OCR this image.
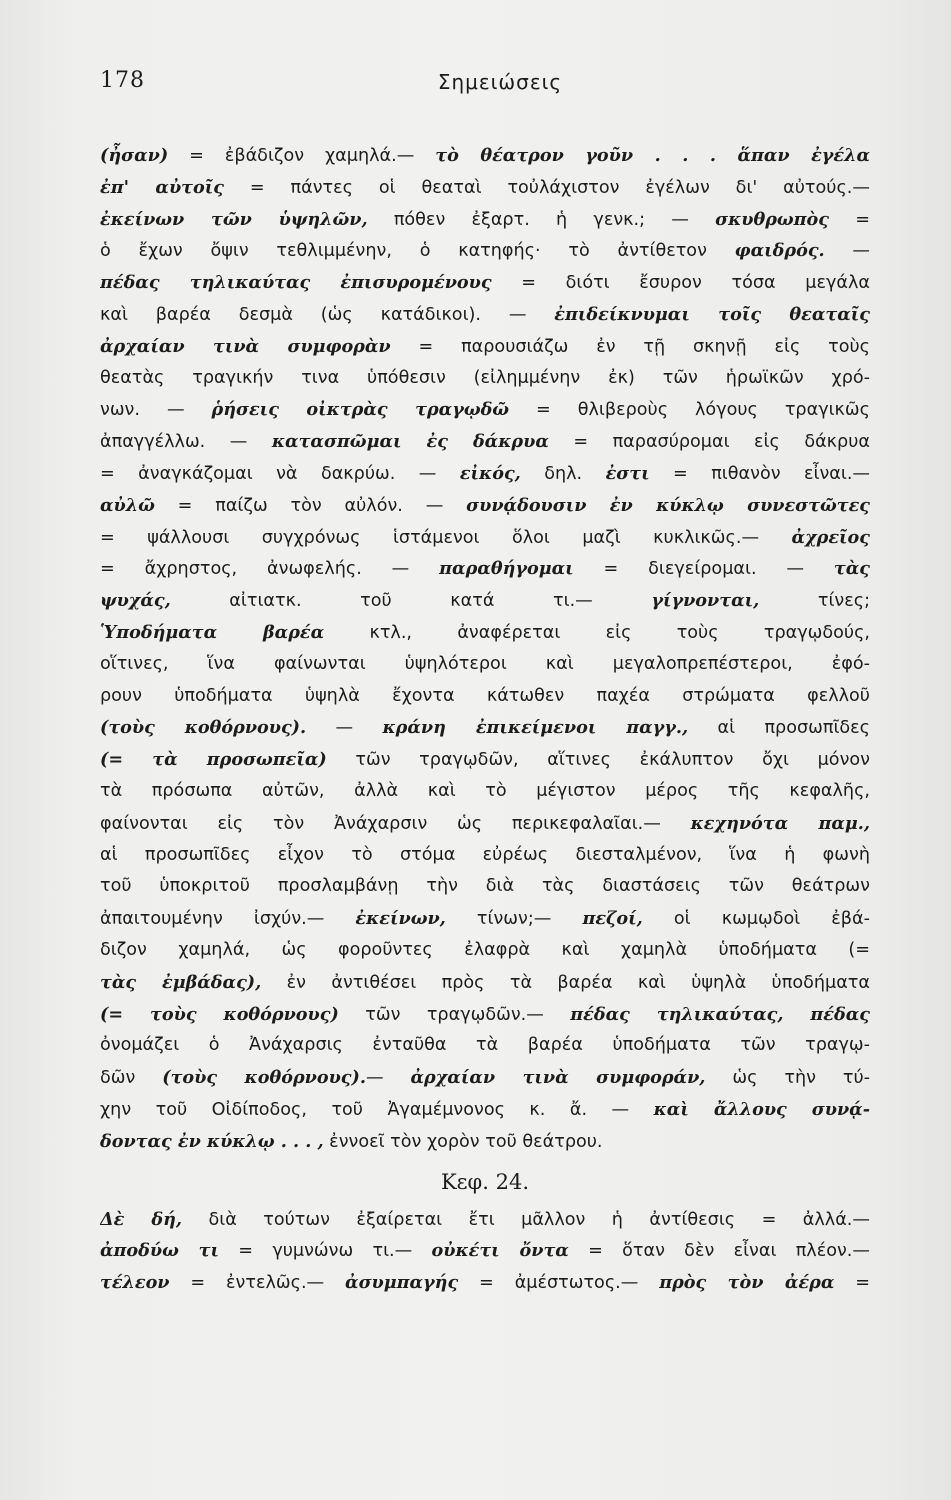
178	Σημειώσεις
(ἦσαν) = ἐβάδιζον χαμηλά.— τὸ θέατρον γοῦν . . . ἅπαν ἐγέλα
ἐπ' αὐτοῖς = πάντες οἱ θεαταὶ τοὐλάχιστον ἐγέλων δι' αὐτούς.—
ἐκείνων τῶν ὑψηλῶν, πόθεν ἐξαρτ. ἡ γενκ.; — σκυθρωπὸς =
ὁ ἔχων ὄψιν τεθλιμμένην, ὁ κατηφής· τὸ ἀντίθετον φαιδρός. —
πέδας τηλικαύτας ἐπισυρομένους = διότι ἔσυρον τόσα μεγάλα
καὶ βαρέα δεσμὰ (ὡς κατάδικοι). — ἐπιδείκνυμαι τοῖς θεαταῖς
ἀρχαίαν τινὰ συμφορὰν = παρουσιάζω ἐν τῇ σκηνῇ εἰς τοὺς
θεατὰς τραγικήν τινα ὑπόθεσιν (εἰλημμένην ἐκ) τῶν ἡρωϊκῶν χρό-
νων. — ῥήσεις οἰκτρὰς τραγῳδῶ = θλιβεροὺς λόγους τραγικῶς
ἀπαγγέλλω. — κατασπῶμαι ἐς δάκρυα = παρασύρομαι εἰς δάκρυα
= ἀναγκάζομαι νὰ δακρύω. — εἰκός, δηλ. ἐστι = πιθανὸν εἶναι.—
αὐλῶ = παίζω τὸν αὐλόν. — συνᾴδουσιν ἐν κύκλῳ συνεστῶτες
= ψάλλουσι συγχρόνως ἱστάμενοι ὅλοι μαζὶ κυκλικῶς.— ἀχρεῖος
= ἄχρηστος, ἀνωφελής. — παραθήγομαι = διεγείρομαι. — τὰς
ψυχάς, αἰτιατκ. τοῦ κατά τι.— γίγνονται, τίνες;
Ὑποδήματα βαρέα κτλ., ἀναφέρεται εἰς τοὺς τραγῳδούς,
οἵτινες, ἵνα φαίνωνται ὑψηλότεροι καὶ μεγαλοπρεπέστεροι, ἐφό-
ρουν ὑποδήματα ὑψηλὰ ἔχοντα κάτωθεν παχέα στρώματα φελλοῦ
(τοὺς κοθόρνους). — κράνη ἐπικείμενοι παγγ., αἱ προσωπῖδες
(= τὰ προσωπεῖα) τῶν τραγῳδῶν, αἵτινες ἐκάλυπτον ὄχι μόνον
τὰ πρόσωπα αὐτῶν, ἀλλὰ καὶ τὸ μέγιστον μέρος τῆς κεφαλῆς,
φαίνονται εἰς τὸν Ἀνάχαρσιν ὡς περικεφαλαῖαι.— κεχηνότα παμ.,
αἱ προσωπῖδες εἶχον τὸ στόμα εὐρέως διεσταλμένον, ἵνα ἡ φωνὴ
τοῦ ὑποκριτοῦ προσλαμβάνῃ τὴν διὰ τὰς διαστάσεις τῶν θεάτρων
ἀπαιτουμένην ἰσχύν.— ἐκείνων, τίνων;— πεζοί, οἱ κωμῳδοὶ ἐβά-
διζον χαμηλά, ὡς φοροῦντες ἐλαφρὰ καὶ χαμηλὰ ὑποδήματα (=
τὰς ἐμβάδας), ἐν ἀντιθέσει πρὸς τὰ βαρέα καὶ ὑψηλὰ ὑποδήματα
(= τοὺς κοθόρνους) τῶν τραγῳδῶν.— πέδας τηλικαύτας, πέδας
ὀνομάζει ὁ Ἀνάχαρσις ἐνταῦθα τὰ βαρέα ὑποδήματα τῶν τραγῳ-
δῶν (τοὺς κοθόρνους).— ἀρχαίαν τινὰ συμφοράν, ὡς τὴν τύ-
χην τοῦ Οἰδίποδος, τοῦ Ἀγαμέμνονος κ. ἄ. — καὶ ἄλλους συνᾴ-
δοντας ἐν κύκλῳ . . . , ἐννοεῖ τὸν χορὸν τοῦ θεάτρου.
Κεφ. 24.
Δὲ δή, διὰ τούτων ἐξαίρεται ἔτι μᾶλλον ἡ ἀντίθεσις = ἀλλά.—
ἀποδύω τι = γυμνώνω τι.— οὐκέτι ὄντα = ὅταν δὲν εἶναι πλέον.—
τέλεον = ἐντελῶς.— ἀσυμπαγής = ἀμέστωτος.— πρὸς τὸν ἀέρα =
